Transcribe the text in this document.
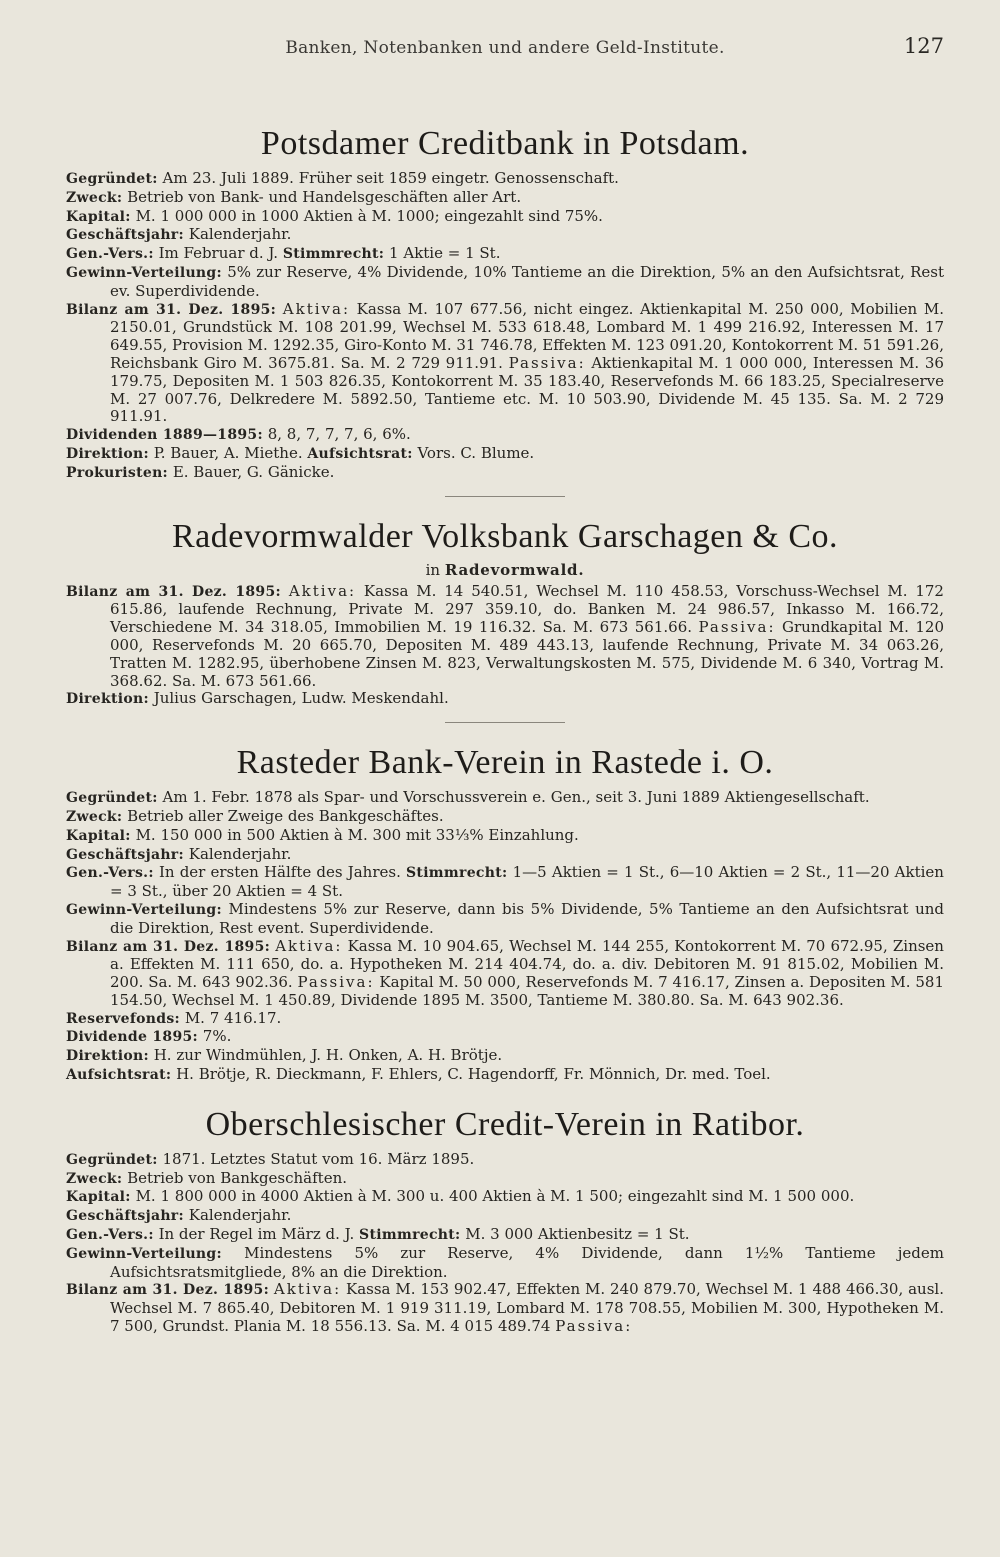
Banken, Notenbanken und andere Geld-Institute.	127
Potsdamer Creditbank in Potsdam.

Gegründet: Am 23. Juli 1889. Früher seit 1859 eingetr. Genossenschaft.

Zweck: Betrieb von Bank- und Handelsgeschäften aller Art.

Kapital: M. 1 000 000 in 1000 Aktien à M. 1000; eingezahlt sind 75%.

Geschäftsjahr: Kalenderjahr.

Gen.-Vers.: Im Februar d. J. Stimmrecht: 1 Aktie = 1 St.

Gewinn-Verteilung: 5% zur Reserve, 4% Dividende, 10% Tantieme an die Direktion, 5% an den Aufsichtsrat, Rest ev. Superdividende.

Bilanz am 31. Dez. 1895: Aktiva: Kassa M. 107 677.56, nicht eingez. Aktienkapital M. 250 000, Mobilien M. 2150.01, Grundstück M. 108 201.99, Wechsel M. 533 618.48, Lombard M. 1 499 216.92, Interessen M. 17 649.55, Provision M. 1292.35, Giro-Konto M. 31 746.78, Effekten M. 123 091.20, Kontokorrent M. 51 591.26, Reichsbank Giro M. 3675.81. Sa. M. 2 729 911.91. Passiva: Aktienkapital M. 1 000 000, Interessen M. 36 179.75, Depositen M. 1 503 826.35, Kontokorrent M. 35 183.40, Reservefonds M. 66 183.25, Specialreserve M. 27 007.76, Delkredere M. 5892.50, Tantieme etc. M. 10 503.90, Dividende M. 45 135. Sa. M. 2 729 911.91.

Dividenden 1889—1895: 8, 8, 7, 7, 7, 6, 6%.

Direktion: P. Bauer, A. Miethe. Aufsichtsrat: Vors. C. Blume.

Prokuristen: E. Bauer, G. Gänicke.

Radevormwalder Volksbank Garschagen & Co.
in Radevormwald.

Bilanz am 31. Dez. 1895: Aktiva: Kassa M. 14 540.51, Wechsel M. 110 458.53, Vorschuss-Wechsel M. 172 615.86, laufende Rechnung, Private M. 297 359.10, do. Banken M. 24 986.57, Inkasso M. 166.72, Verschiedene M. 34 318.05, Immobilien M. 19 116.32. Sa. M. 673 561.66. Passiva: Grundkapital M. 120 000, Reservefonds M. 20 665.70, Depositen M. 489 443.13, laufende Rechnung, Private M. 34 063.26, Tratten M. 1282.95, überhobene Zinsen M. 823, Verwaltungskosten M. 575, Dividende M. 6 340, Vortrag M. 368.62. Sa. M. 673 561.66.

Direktion: Julius Garschagen, Ludw. Meskendahl.

Rasteder Bank-Verein in Rastede i. O.

Gegründet: Am 1. Febr. 1878 als Spar- und Vorschussverein e. Gen., seit 3. Juni 1889 Aktiengesellschaft.

Zweck: Betrieb aller Zweige des Bankgeschäftes.

Kapital: M. 150 000 in 500 Aktien à M. 300 mit 33⅓% Einzahlung.

Geschäftsjahr: Kalenderjahr.

Gen.-Vers.: In der ersten Hälfte des Jahres. Stimmrecht: 1—5 Aktien = 1 St., 6—10 Aktien = 2 St., 11—20 Aktien = 3 St., über 20 Aktien = 4 St.

Gewinn-Verteilung: Mindestens 5% zur Reserve, dann bis 5% Dividende, 5% Tantieme an den Aufsichtsrat und die Direktion, Rest event. Superdividende.

Bilanz am 31. Dez. 1895: Aktiva: Kassa M. 10 904.65, Wechsel M. 144 255, Kontokorrent M. 70 672.95, Zinsen a. Effekten M. 111 650, do. a. Hypotheken M. 214 404.74, do. a. div. Debitoren M. 91 815.02, Mobilien M. 200. Sa. M. 643 902.36. Passiva: Kapital M. 50 000, Reservefonds M. 7 416.17, Zinsen a. Depositen M. 581 154.50, Wechsel M. 1 450.89, Dividende 1895 M. 3500, Tantieme M. 380.80. Sa. M. 643 902.36.

Reservefonds: M. 7 416.17.

Dividende 1895: 7%.

Direktion: H. zur Windmühlen, J. H. Onken, A. H. Brötje.

Aufsichtsrat: H. Brötje, R. Dieckmann, F. Ehlers, C. Hagendorff, Fr. Mönnich, Dr. med. Toel.

Oberschlesischer Credit-Verein in Ratibor.

Gegründet: 1871. Letztes Statut vom 16. März 1895.

Zweck: Betrieb von Bankgeschäften.

Kapital: M. 1 800 000 in 4000 Aktien à M. 300 u. 400 Aktien à M. 1 500; eingezahlt sind M. 1 500 000.

Geschäftsjahr: Kalenderjahr.

Gen.-Vers.: In der Regel im März d. J. Stimmrecht: M. 3 000 Aktienbesitz = 1 St.

Gewinn-Verteilung: Mindestens 5% zur Reserve, 4% Dividende, dann 1½% Tantieme jedem Aufsichtsratsmitgliede, 8% an die Direktion.

Bilanz am 31. Dez. 1895: Aktiva: Kassa M. 153 902.47, Effekten M. 240 879.70, Wechsel M. 1 488 466.30, ausl. Wechsel M. 7 865.40, Debitoren M. 1 919 311.19, Lombard M. 178 708.55, Mobilien M. 300, Hypotheken M. 7 500, Grundst. Plania M. 18 556.13. Sa. M. 4 015 489.74 Passiva:
